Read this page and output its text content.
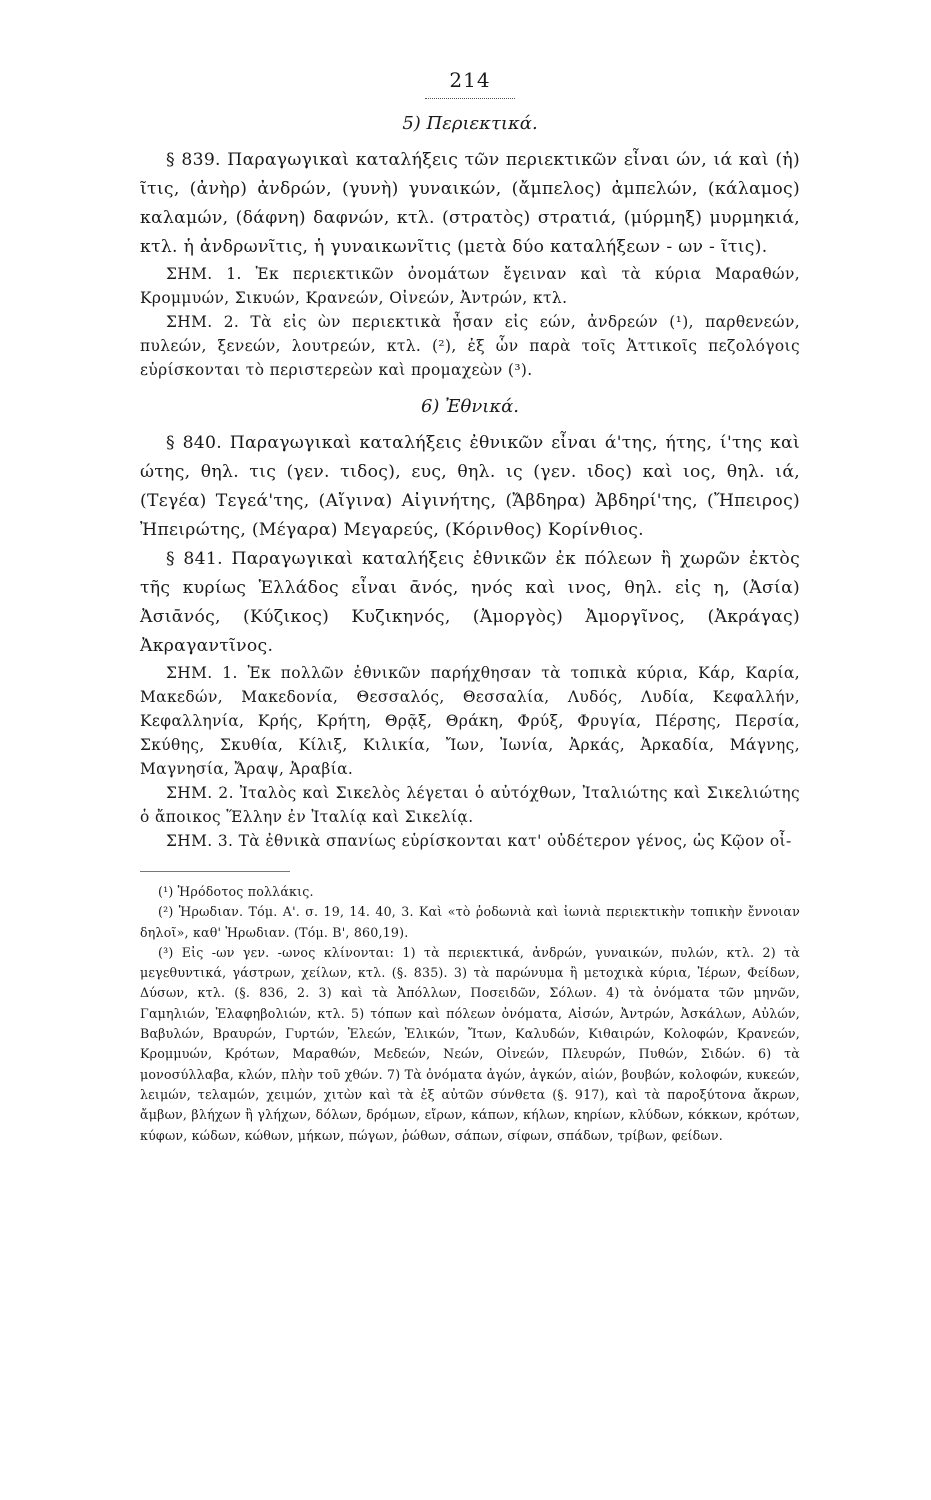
214
5) Περιεκτικά.

§ 839. Παραγωγικαὶ καταλήξεις τῶν περιεκτικῶν εἶναι ών, ιά καὶ (ἡ) ῖτις, (ἀνὴρ) ἀνδρών, (γυνὴ) γυναικών, (ἄμπελος) ἀμπελών, (κάλαμος) καλαμών, (δάφνη) δαφνών, κτλ. (στρατὸς) στρατιά, (μύρμηξ) μυρμηκιά, κτλ. ἡ ἀνδρωνῖτις, ἡ γυναικωνῖτις (μετὰ δύο καταλήξεων - ων - ῖτις).

ΣΗΜ. 1. Ἐκ περιεκτικῶν ὀνομάτων ἔγειναν καὶ τὰ κύρια Μαραθών, Κρομμυών, Σικυών, Κρανεών, Οἰνεών, Ἀντρών, κτλ.

ΣΗΜ. 2. Τὰ εἰς ὼν περιεκτικὰ ἦσαν εἰς εών, ἀνδρεών (¹), παρθενεών, πυλεών, ξενεών, λουτρεών, κτλ. (²), ἐξ ὧν παρὰ τοῖς Ἀττικοῖς πεζολόγοις εὑρίσκονται τὸ περιστερεὼν καὶ προμαχεὼν (³).

6) Ἐθνικά.

§ 840. Παραγωγικαὶ καταλήξεις ἐθνικῶν εἶναι ά'της, ήτης, ί'της καὶ ώτης, θηλ. τις (γεν. τιδος), ευς, θηλ. ις (γεν. ιδος) καὶ ιος, θηλ. ιά, (Τεγέα) Τεγεά'της, (Αἴγινα) Αἰγινήτης, (Ἄβδηρα) Ἀβδηρί'της, (Ἤπειρος) Ἠπειρώτης, (Μέγαρα) Μεγαρεύς, (Κόρινθος) Κορίνθιος.

§ 841. Παραγωγικαὶ καταλήξεις ἐθνικῶν ἐκ πόλεων ἢ χωρῶν ἐκτὸς τῆς κυρίως Ἑλλάδος εἶναι ᾱνός, ηνός καὶ ινος, θηλ. εἰς η, (Ἀσία) Ἀσιᾱνός, (Κύζικος) Κυζικηνός, (Ἀμοργὸς) Ἀμοργῖνος, (Ἀκράγας) Ἀκραγαντῖνος.

ΣΗΜ. 1. Ἐκ πολλῶν ἐθνικῶν παρήχθησαν τὰ τοπικὰ κύρια, Κάρ, Καρία, Μακεδών, Μακεδονία, Θεσσαλός, Θεσσαλία, Λυδός, Λυδία, Κεφαλλήν, Κεφαλληνία, Κρής, Κρήτη, Θρᾷξ, Θράκη, Φρύξ, Φρυγία, Πέρσης, Περσία, Σκύθης, Σκυθία, Κίλιξ, Κιλικία, Ἴων, Ἰωνία, Ἀρκάς, Ἀρκαδία, Μάγνης, Μαγνησία, Ἄραψ, Ἀραβία.

ΣΗΜ. 2. Ἰταλὸς καὶ Σικελὸς λέγεται ὁ αὐτόχθων, Ἰταλιώτης καὶ Σικελιώτης ὁ ἄποικος Ἕλλην ἐν Ἰταλίᾳ καὶ Σικελίᾳ.

ΣΗΜ. 3. Τὰ ἐθνικὰ σπανίως εὑρίσκονται κατ' οὐδέτερον γένος, ὡς Κῷον οἶ-

(¹) Ἡρόδοτος πολλάκις.

(²) Ἡρωδιαν. Τόμ. Α'. σ. 19, 14. 40, 3. Καὶ «τὸ ῥοδωνιὰ καὶ ἰωνιὰ περιεκτικὴν τοπικὴν ἔννοιαν δηλοῖ», καθ' Ἡρωδιαν. (Τόμ. Β', 860,19).

(³) Εἰς -ων γεν. -ωνος κλίνονται: 1) τὰ περιεκτικά, ἀνδρών, γυναικών, πυλών, κτλ. 2) τὰ μεγεθυντικά, γάστρων, χείλων, κτλ. (§. 835). 3) τὰ παρώνυμα ἢ μετοχικὰ κύρια, Ἱέρων, Φείδων, Δύσων, κτλ. (§. 836, 2. 3) καὶ τὰ Ἀπόλλων, Ποσειδῶν, Σόλων. 4) τὰ ὀνόματα τῶν μηνῶν, Γαμηλιών, Ἐλαφηβολιών, κτλ. 5) τόπων καὶ πόλεων ὀνόματα, Αἰσών, Ἀντρών, Ἀσκάλων, Αὐλών, Βαβυλών, Βραυρών, Γυρτών, Ἐλεών, Ἑλικών, Ἴτων, Καλυδών, Κιθαιρών, Κολοφών, Κρανεών, Κρομμυών, Κρότων, Μαραθών, Μεδεών, Νεών, Οἰνεών, Πλευρών, Πυθών, Σιδών. 6) τὰ μονοσύλλαβα, κλών, πλὴν τοῦ χθών. 7) Τὰ ὀνόματα ἀγών, ἀγκών, αἰών, βουβών, κολοφών, κυκεών, λειμών, τελαμών, χειμών, χιτὼν καὶ τὰ ἐξ αὐτῶν σύνθετα (§. 917), καὶ τὰ παροξύτονα ἄκρων, ἄμβων, βλήχων ἢ γλήχων, δόλων, δρόμων, εἴρων, κάπων, κήλων, κηρίων, κλύδων, κόκκων, κρότων, κύφων, κώδων, κώθων, μήκων, πώγων, ῥώθων, σάπων, σίφων, σπάδων, τρίβων, φείδων.
